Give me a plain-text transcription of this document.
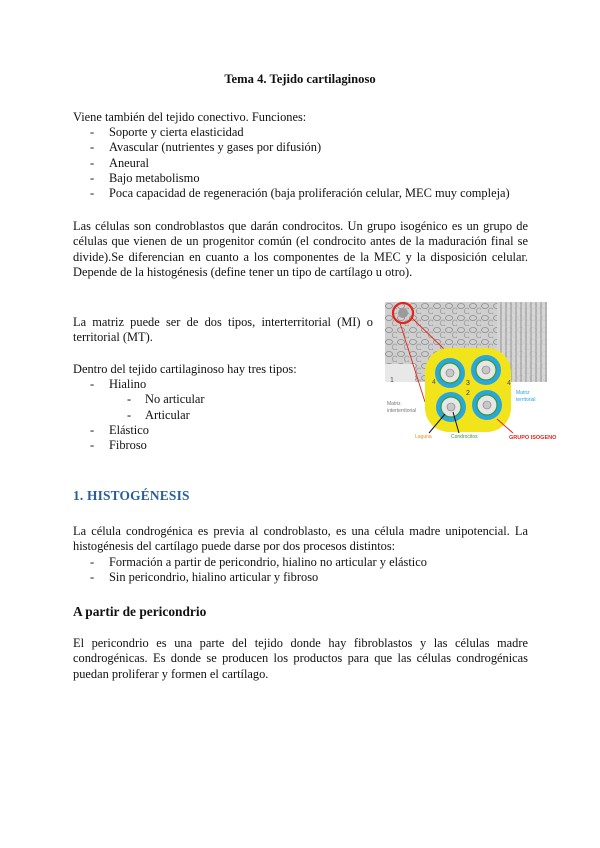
Tema 4. Tejido cartilaginoso
Viene también del tejido conectivo. Funciones:
- Soporte y cierta elasticidad
- Avascular (nutrientes y gases por difusión)
- Aneural
- Bajo metabolismo
- Poca capacidad de regeneración (baja proliferación celular, MEC muy compleja)
Las células son condroblastos que darán condrocitos. Un grupo isogénico es un grupo de células que vienen de un progenitor común (el condrocito antes de la maduración final se divide).Se diferencian en cuanto a los componentes de la MEC y la disposición celular. Depende de la histogénesis (define tener un tipo de cartílago u otro).
La matriz puede ser de dos tipos, interterritorial (MI) o territorial (MT).
Dentro del tejido cartilaginoso hay tres tipos:
- Hialino
- No articular
- Articular
- Elástico
- Fibroso
4
1	3
2
4
Matriz
territorial
Matriz
interterritorial
Laguna	Condrocitos	GRUPO ISOGENO
1. HISTOGÉNESIS
La célula condrogénica es previa al condroblasto, es una célula madre unipotencial. La histogénesis del cartílago puede darse por dos procesos distintos:
- Formación a partir de pericondrio, hialino no articular y elástico
- Sin pericondrio, hialino articular y fibroso
A partir de pericondrio
El pericondrio es una parte del tejido donde hay fibroblastos y las células madre condrogénicas. Es donde se producen los productos para que las células condrogénicas puedan proliferar y formen el cartílago.
